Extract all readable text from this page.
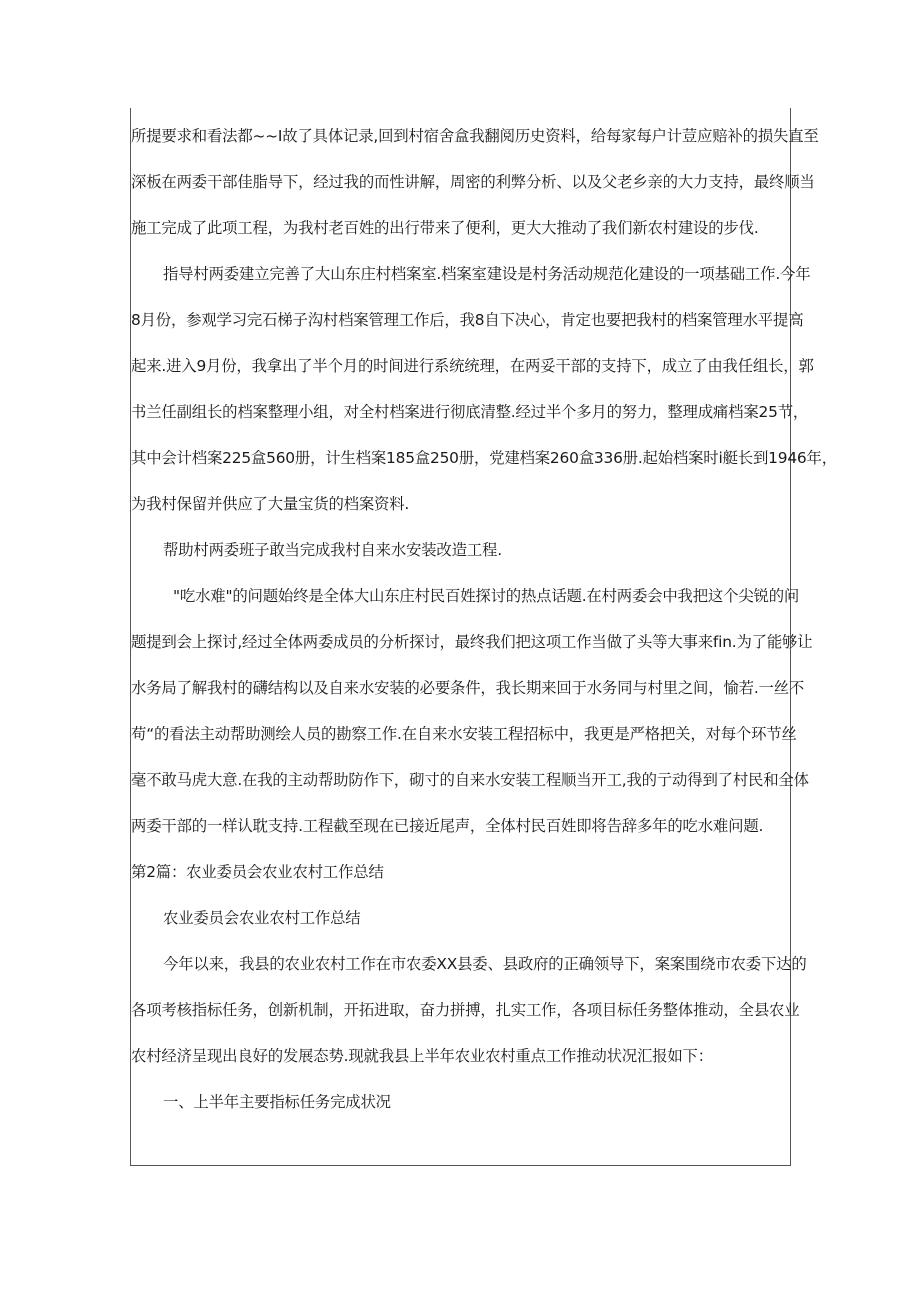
所提要求和看法都~~I故了具体记录,回到村宿舍盒我翻阅历史资料，给每家每户计荳应赔补的损失直至
深板在两委干部佳脂导下，经过我的而性讲解，周密的利弊分析、以及父老乡亲的大力支持，最终顺当
施工完成了此项工程，为我村老百姓的出行带来了便利，更大大推动了我们新农村建设的步伐.
指导村两委建立完善了大山东庄村档案室.档案室建设是村务活动规范化建设的一项基础工作.今年
8月份，参观学习完石梯子沟村档案管理工作后，我8自下决心，肯定也要把我村的档案管理水平提高
起来.进入9月份，我拿出了半个月的时间进行系统统理，在两妥干部的支持下，成立了由我任组长，郭
书兰任副组长的档案整理小组，对全村档案进行彻底清整.经过半个多月的努力，整理成痛档案25节，
其中会计档案225盒560册，计生档案185盒250册，党建档案260盒336册.起始档案时i艇长到1946年，
为我村保留并供应了大量宝货的档案资料.
帮助村两委班子敢当完成我村自来水安装改造工程.
"吃水难"的问题始终是全体大山东庄村民百姓探讨的热点话题.在村两委会中我把这个尖锐的问
题提到会上探讨,经过全体两委成员的分析探讨，最终我们把这项工作当做了头等大事来fin.为了能够让
水务局了解我村的礴结构以及自来水安装的必要条件，我长期来回于水务同与村里之间，愉若.一丝不
苟“的看法主动帮助测绘人员的勘察工作.在自来水安装工程招标中，我更是严格把关，对每个环节丝
毫不敢马虎大意.在我的主动帮助防作下，砌寸的自来水安装工程顺当开工,我的亍动得到了村民和全体
两委干部的一样认耽支持.工程截至现在已接近尾声，全体村民百姓即将告辞多年的吃水难问题.
第2篇：农业委员会农业农村工作总结
农业委员会农业农村工作总结
今年以来，我县的农业农村工作在市农委XX县委、县政府的正确领导下，案案围绕市农委下达的
各项考核指标任务，创新机制，开拓进取，奋力拼搏，扎实工作，各项目标任务整体推动，全县农业
农村经济呈现出良好的发展态势.现就我县上半年农业农村重点工作推动状况汇报如下：
一、上半年主要指标任务完成状况
